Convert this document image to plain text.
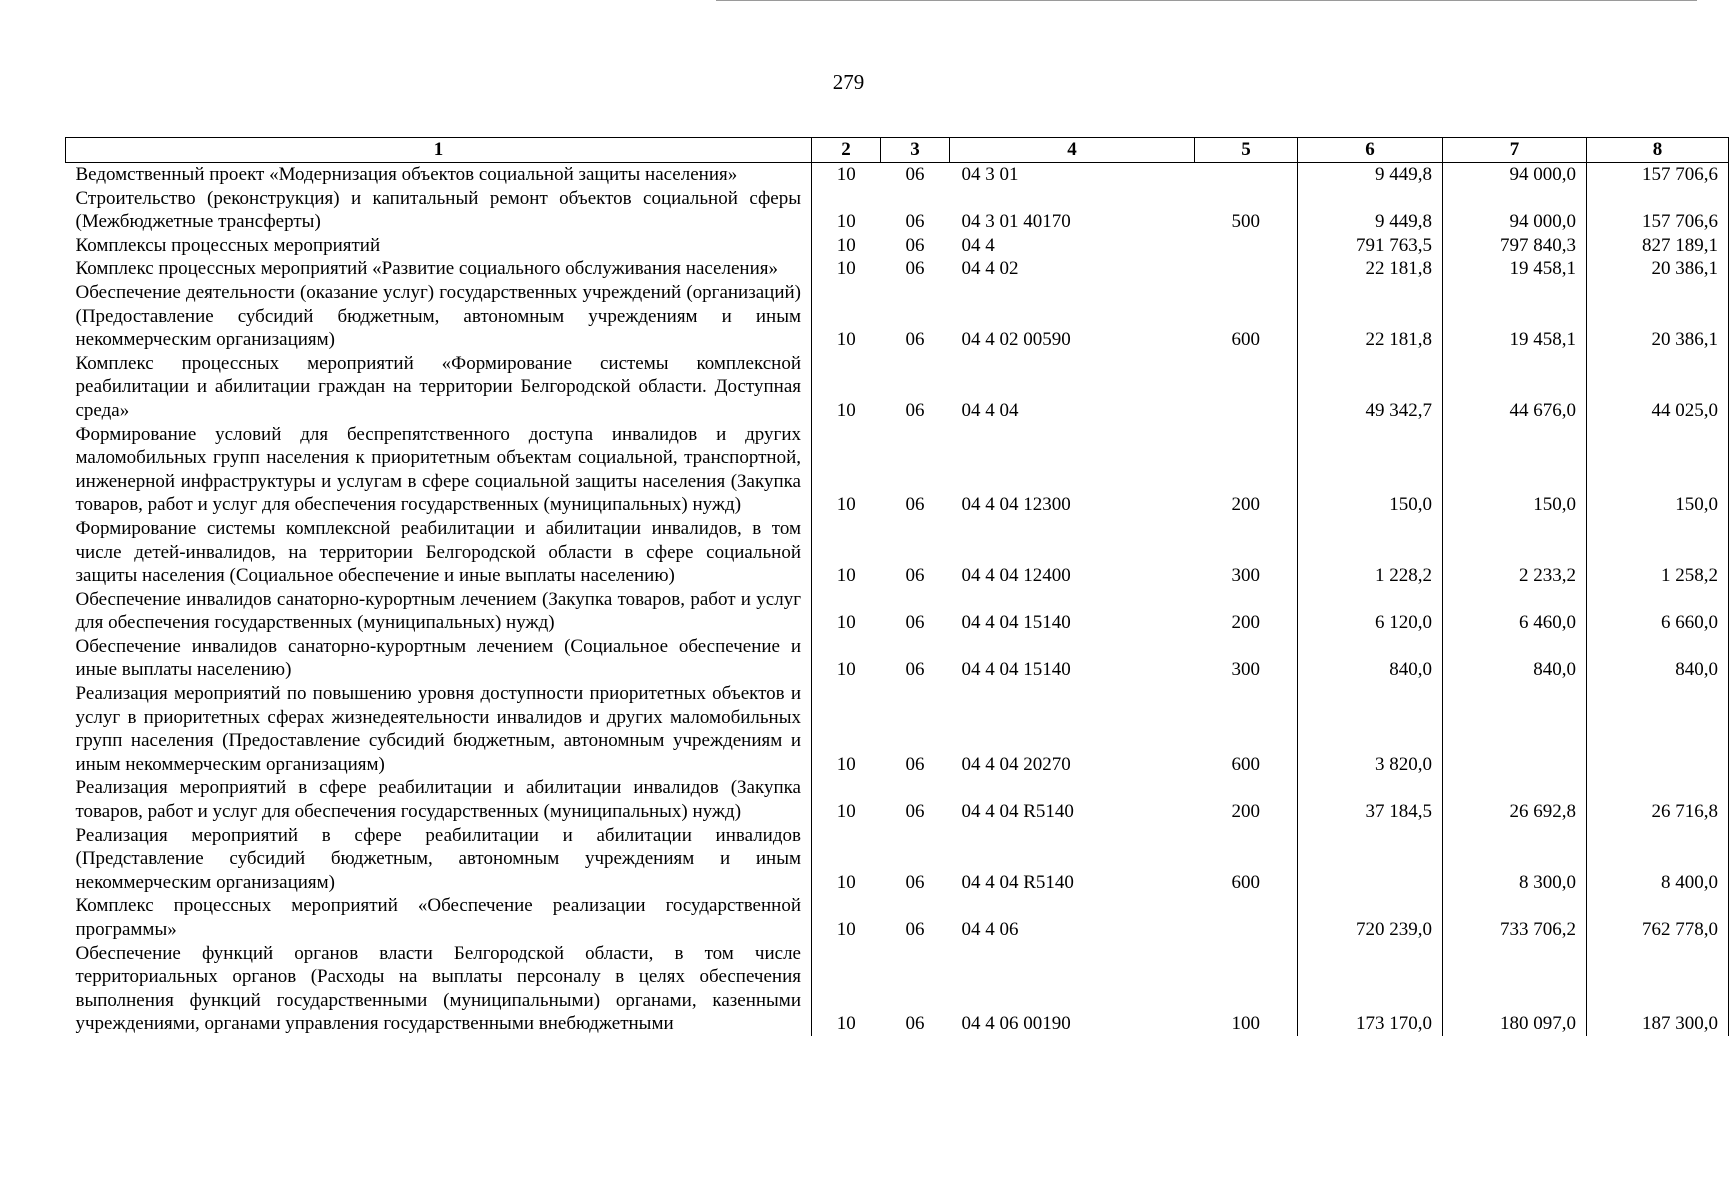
279
1	2	3	4	5	6	7	8
Ведомственный проект «Модернизация объектов социальной защиты населения»	10	06	04 3 01		9 449,8	94 000,0	157 706,6
Строительство (реконструкция) и капитальный ремонт объектов социальной сферы (Межбюджетные трансферты)	10	06	04 3 01 40170	500	9 449,8	94 000,0	157 706,6
Комплексы процессных мероприятий	10	06	04 4		791 763,5	797 840,3	827 189,1
Комплекс процессных мероприятий «Развитие социального обслуживания населения»	10	06	04 4 02		22 181,8	19 458,1	20 386,1
Обеспечение деятельности (оказание услуг) государственных учреждений (организаций) (Предоставление субсидий бюджетным, автономным учреждениям и иным некоммерческим организациям)	10	06	04 4 02 00590	600	22 181,8	19 458,1	20 386,1
Комплекс процессных мероприятий «Формирование системы комплексной реабилитации и абилитации граждан на территории Белгородской области. Доступная среда»	10	06	04 4 04		49 342,7	44 676,0	44 025,0
Формирование условий для беспрепятственного доступа инвалидов и других маломобильных групп населения к приоритетным объектам социальной, транспортной, инженерной инфраструктуры и услугам в сфере социальной защиты населения (Закупка товаров, работ и услуг для обеспечения государственных (муниципальных) нужд)	10	06	04 4 04 12300	200	150,0	150,0	150,0
Формирование системы комплексной реабилитации и абилитации инвалидов, в том числе детей-инвалидов, на территории Белгородской области в сфере социальной защиты населения (Социальное обеспечение и иные выплаты населению)	10	06	04 4 04 12400	300	1 228,2	2 233,2	1 258,2
Обеспечение инвалидов санаторно-курортным лечением (Закупка товаров, работ и услуг для обеспечения государственных (муниципальных) нужд)	10	06	04 4 04 15140	200	6 120,0	6 460,0	6 660,0
Обеспечение инвалидов санаторно-курортным лечением (Социальное обеспечение и иные выплаты населению)	10	06	04 4 04 15140	300	840,0	840,0	840,0
Реализация мероприятий по повышению уровня доступности приоритетных объектов и услуг в приоритетных сферах жизнедеятельности инвалидов и других маломобильных групп населения (Предоставление субсидий бюджетным, автономным учреждениям и иным некоммерческим организациям)	10	06	04 4 04 20270	600	3 820,0		
Реализация мероприятий в сфере реабилитации и абилитации инвалидов (Закупка товаров, работ и услуг для обеспечения государственных (муниципальных) нужд)	10	06	04 4 04 R5140	200	37 184,5	26 692,8	26 716,8
Реализация мероприятий в сфере реабилитации и абилитации инвалидов (Представление субсидий бюджетным, автономным учреждениям и иным некоммерческим организациям)	10	06	04 4 04 R5140	600		8 300,0	8 400,0
Комплекс процессных мероприятий «Обеспечение реализации государственной программы»	10	06	04 4 06		720 239,0	733 706,2	762 778,0
Обеспечение функций органов власти Белгородской области, в том числе территориальных органов (Расходы на выплаты персоналу в целях обеспечения выполнения функций государственными (муниципальными) органами, казенными учреждениями, органами управления государственными внебюджетными	10	06	04 4 06 00190	100	173 170,0	180 097,0	187 300,0
